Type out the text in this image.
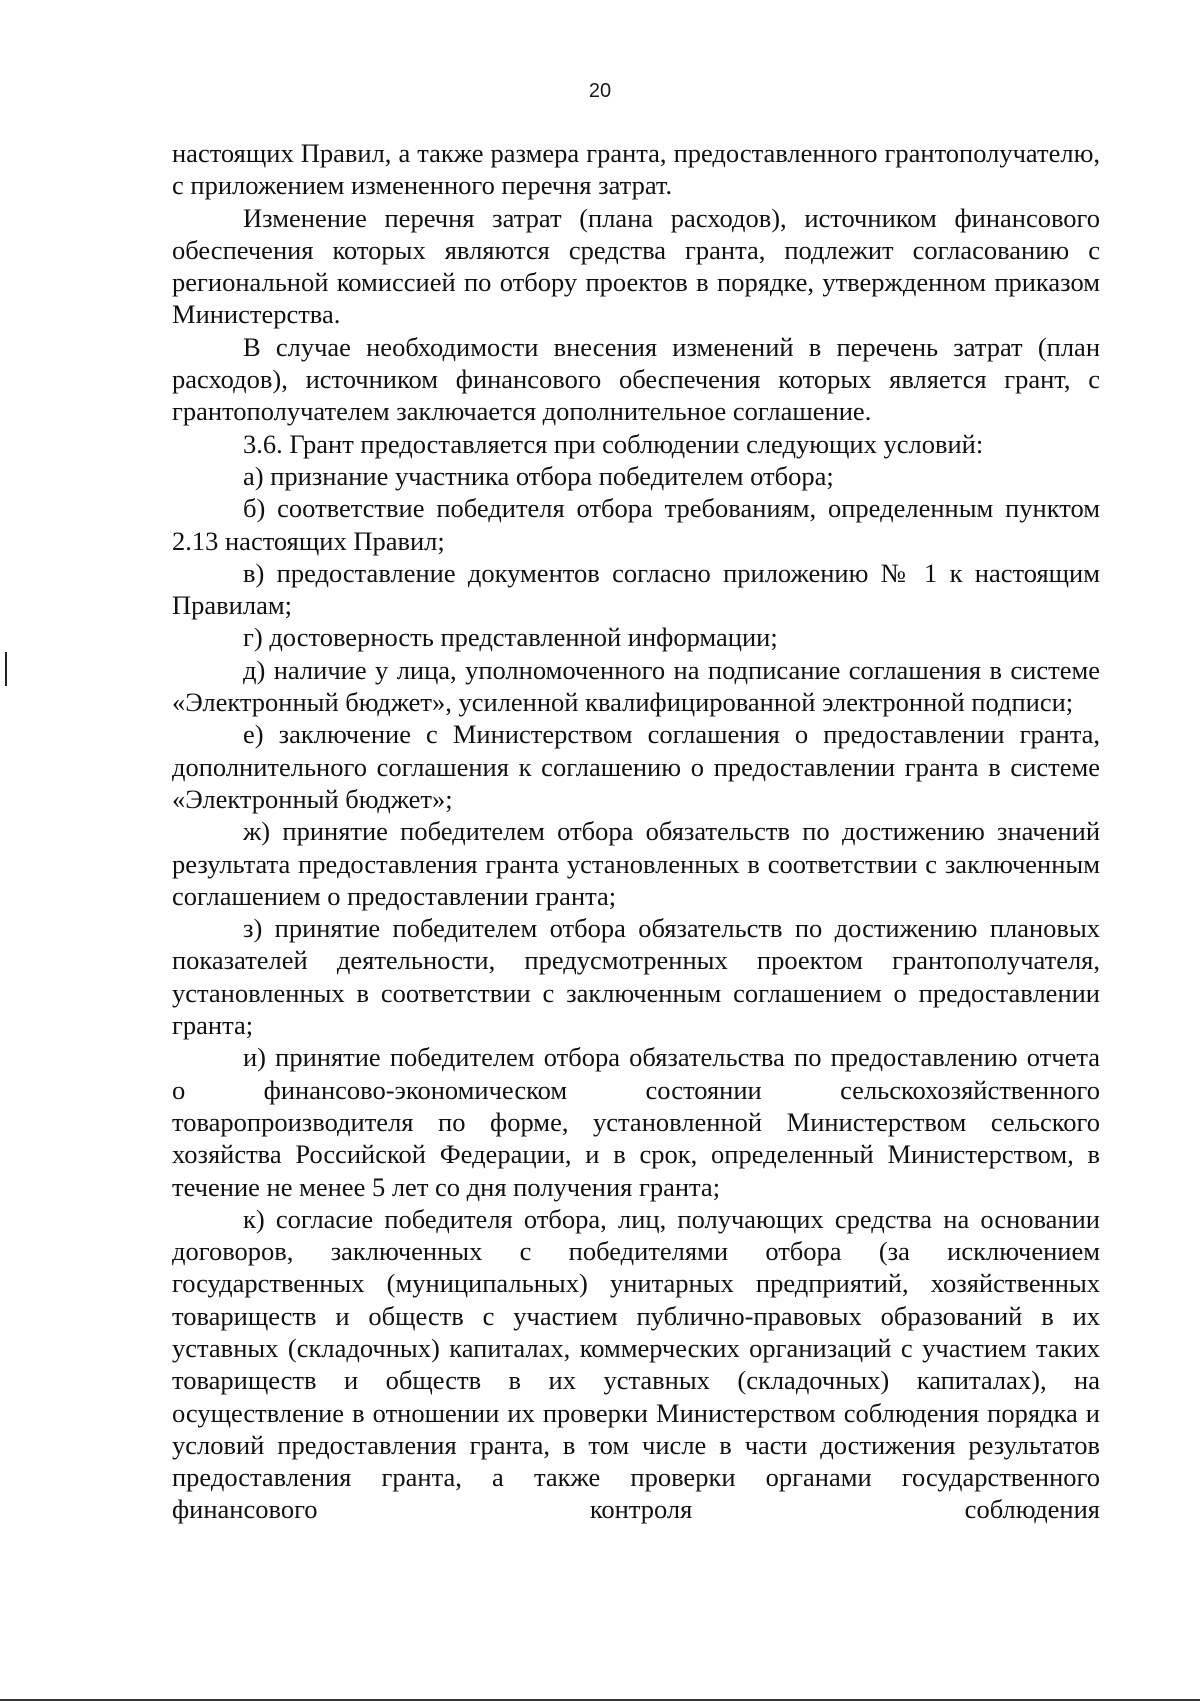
20

настоящих Правил, а также размера гранта, предоставленного грантополучателю, с приложением измененного перечня затрат.

Изменение перечня затрат (плана расходов), источником финансового обеспечения которых являются средства гранта, подлежит согласованию с региональной комиссией по отбору проектов в порядке, утвержденном приказом Министерства.

В случае необходимости внесения изменений в перечень затрат (план расходов), источником финансового обеспечения которых является грант, с грантополучателем заключается дополнительное соглашение.

3.6. Грант предоставляется при соблюдении следующих условий:

а) признание участника отбора победителем отбора;

б) соответствие победителя отбора требованиям, определенным пунктом 2.13 настоящих Правил;

в) предоставление документов согласно приложению № 1 к настоящим Правилам;

г) достоверность представленной информации;

д) наличие у лица, уполномоченного на подписание соглашения в системе «Электронный бюджет», усиленной квалифицированной электронной подписи;

е) заключение с Министерством соглашения о предоставлении гранта, дополнительного соглашения к соглашению о предоставлении гранта в системе «Электронный бюджет»;

ж) принятие победителем отбора обязательств по достижению значений результата предоставления гранта установленных в соответствии с заключенным соглашением о предоставлении гранта;

з) принятие победителем отбора обязательств по достижению плановых показателей деятельности, предусмотренных проектом грантополучателя, установленных в соответствии с заключенным соглашением о предоставлении гранта;

и) принятие победителем отбора обязательства по предоставлению отчета о финансово-экономическом состоянии сельскохозяйственного товаропроизводителя по форме, установленной Министерством сельского хозяйства Российской Федерации, и в срок, определенный Министерством, в течение не менее 5 лет со дня получения гранта;

к) согласие победителя отбора, лиц, получающих средства на основании договоров, заключенных с победителями отбора (за исключением государственных (муниципальных) унитарных предприятий, хозяйственных товариществ и обществ с участием публично-правовых образований в их уставных (складочных) капиталах, коммерческих организаций с участием таких товариществ и обществ в их уставных (складочных) капиталах), на осуществление в отношении их проверки Министерством соблюдения порядка и условий предоставления гранта, в том числе в части достижения результатов предоставления гранта, а также проверки органами государственного финансового контроля соблюдения
